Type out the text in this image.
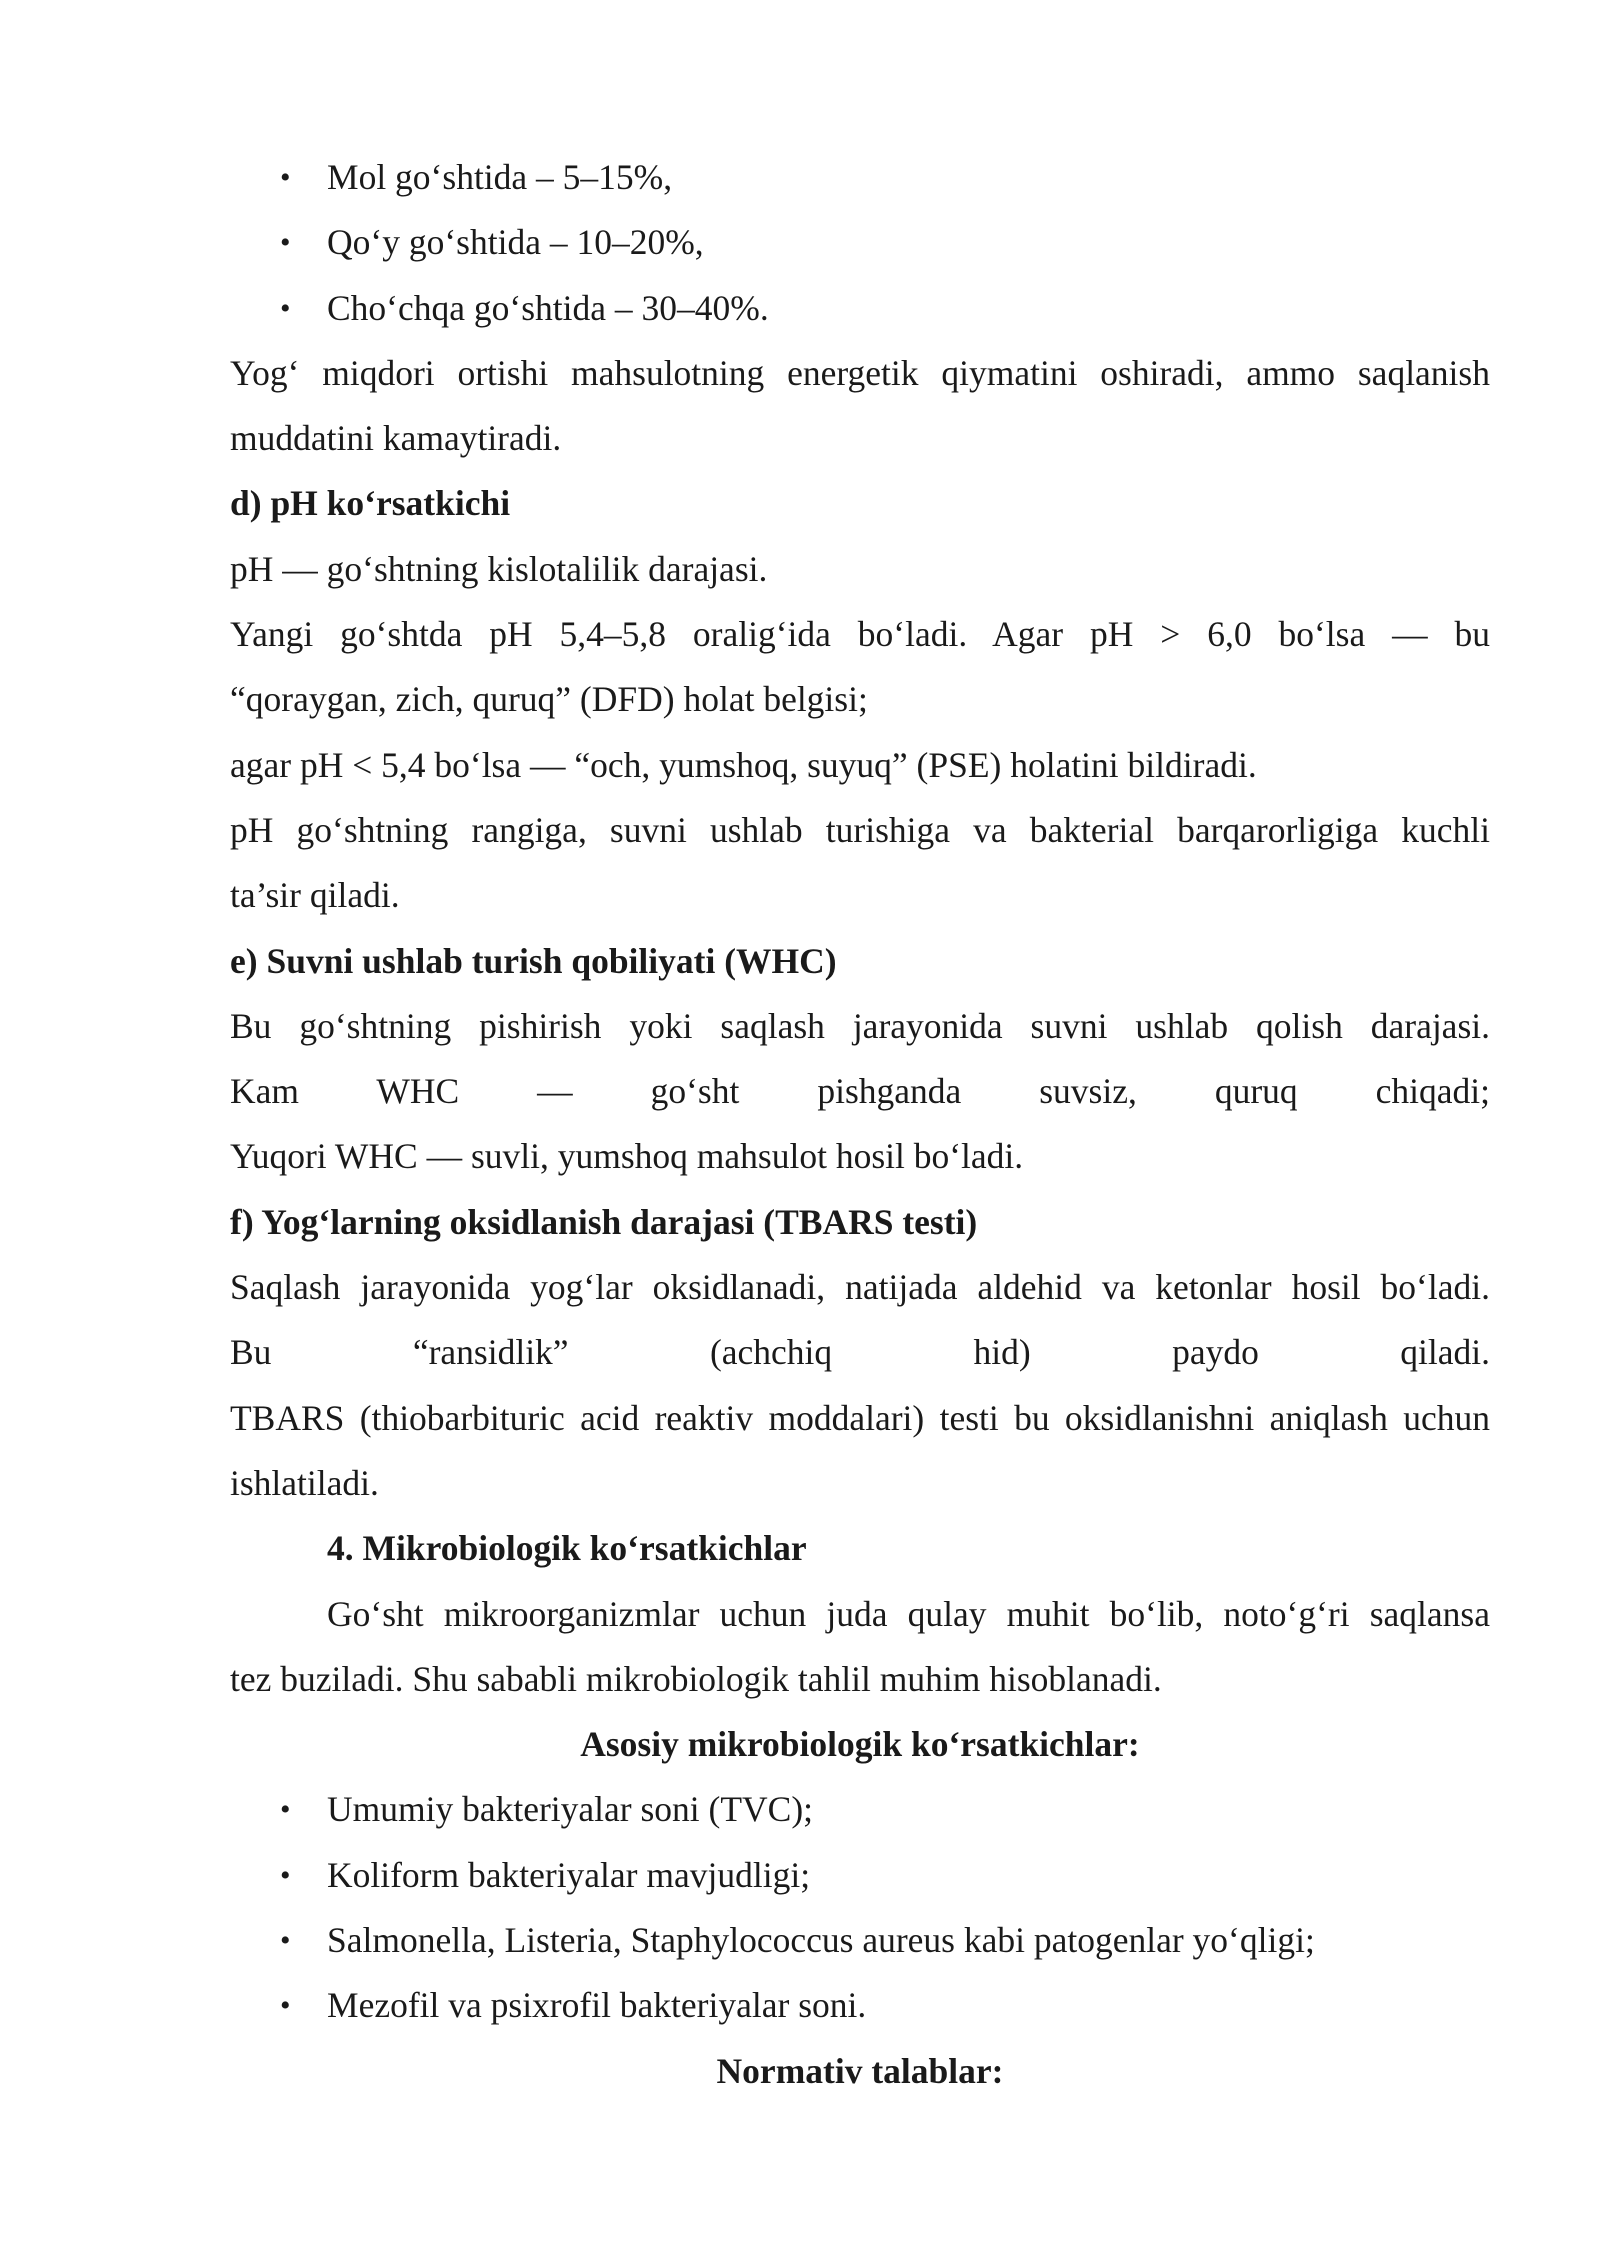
• Mol go‘shtida – 5–15%,
• Qo‘y go‘shtida – 10–20%,
• Cho‘chqa go‘shtida – 30–40%.
Yog‘ miqdori ortishi mahsulotning energetik qiymatini oshiradi, ammo saqlanish
muddatini kamaytiradi.
d) pH ko‘rsatkichi
pH — go‘shtning kislotalilik darajasi.
Yangi go‘shtda pH 5,4–5,8 oralig‘ida bo‘ladi. Agar pH > 6,0 bo‘lsa — bu
“qoraygan, zich, quruq” (DFD) holat belgisi;
agar pH < 5,4 bo‘lsa — “och, yumshoq, suyuq” (PSE) holatini bildiradi.
pH go‘shtning rangiga, suvni ushlab turishiga va bakterial barqarorligiga kuchli
ta’sir qiladi.
e) Suvni ushlab turish qobiliyati (WHC)
Bu go‘shtning pishirish yoki saqlash jarayonida suvni ushlab qolish darajasi.
Kam WHC — go‘sht pishganda suvsiz, quruq chiqadi;
Yuqori WHC — suvli, yumshoq mahsulot hosil bo‘ladi.
f) Yog‘larning oksidlanish darajasi (TBARS testi)
Saqlash jarayonida yog‘lar oksidlanadi, natijada aldehid va ketonlar hosil bo‘ladi.
Bu “ransidlik” (achchiq hid) paydo qiladi.
TBARS (thiobarbituric acid reaktiv moddalari) testi bu oksidlanishni aniqlash uchun
ishlatiladi.
4. Mikrobiologik ko‘rsatkichlar
Go‘sht mikroorganizmlar uchun juda qulay muhit bo‘lib, noto‘g‘ri saqlansa
tez buziladi. Shu sababli mikrobiologik tahlil muhim hisoblanadi.
Asosiy mikrobiologik ko‘rsatkichlar:
• Umumiy bakteriyalar soni (TVC);
• Koliform bakteriyalar mavjudligi;
• Salmonella, Listeria, Staphylococcus aureus kabi patogenlar yo‘qligi;
• Mezofil va psixrofil bakteriyalar soni.
Normativ talablar:
